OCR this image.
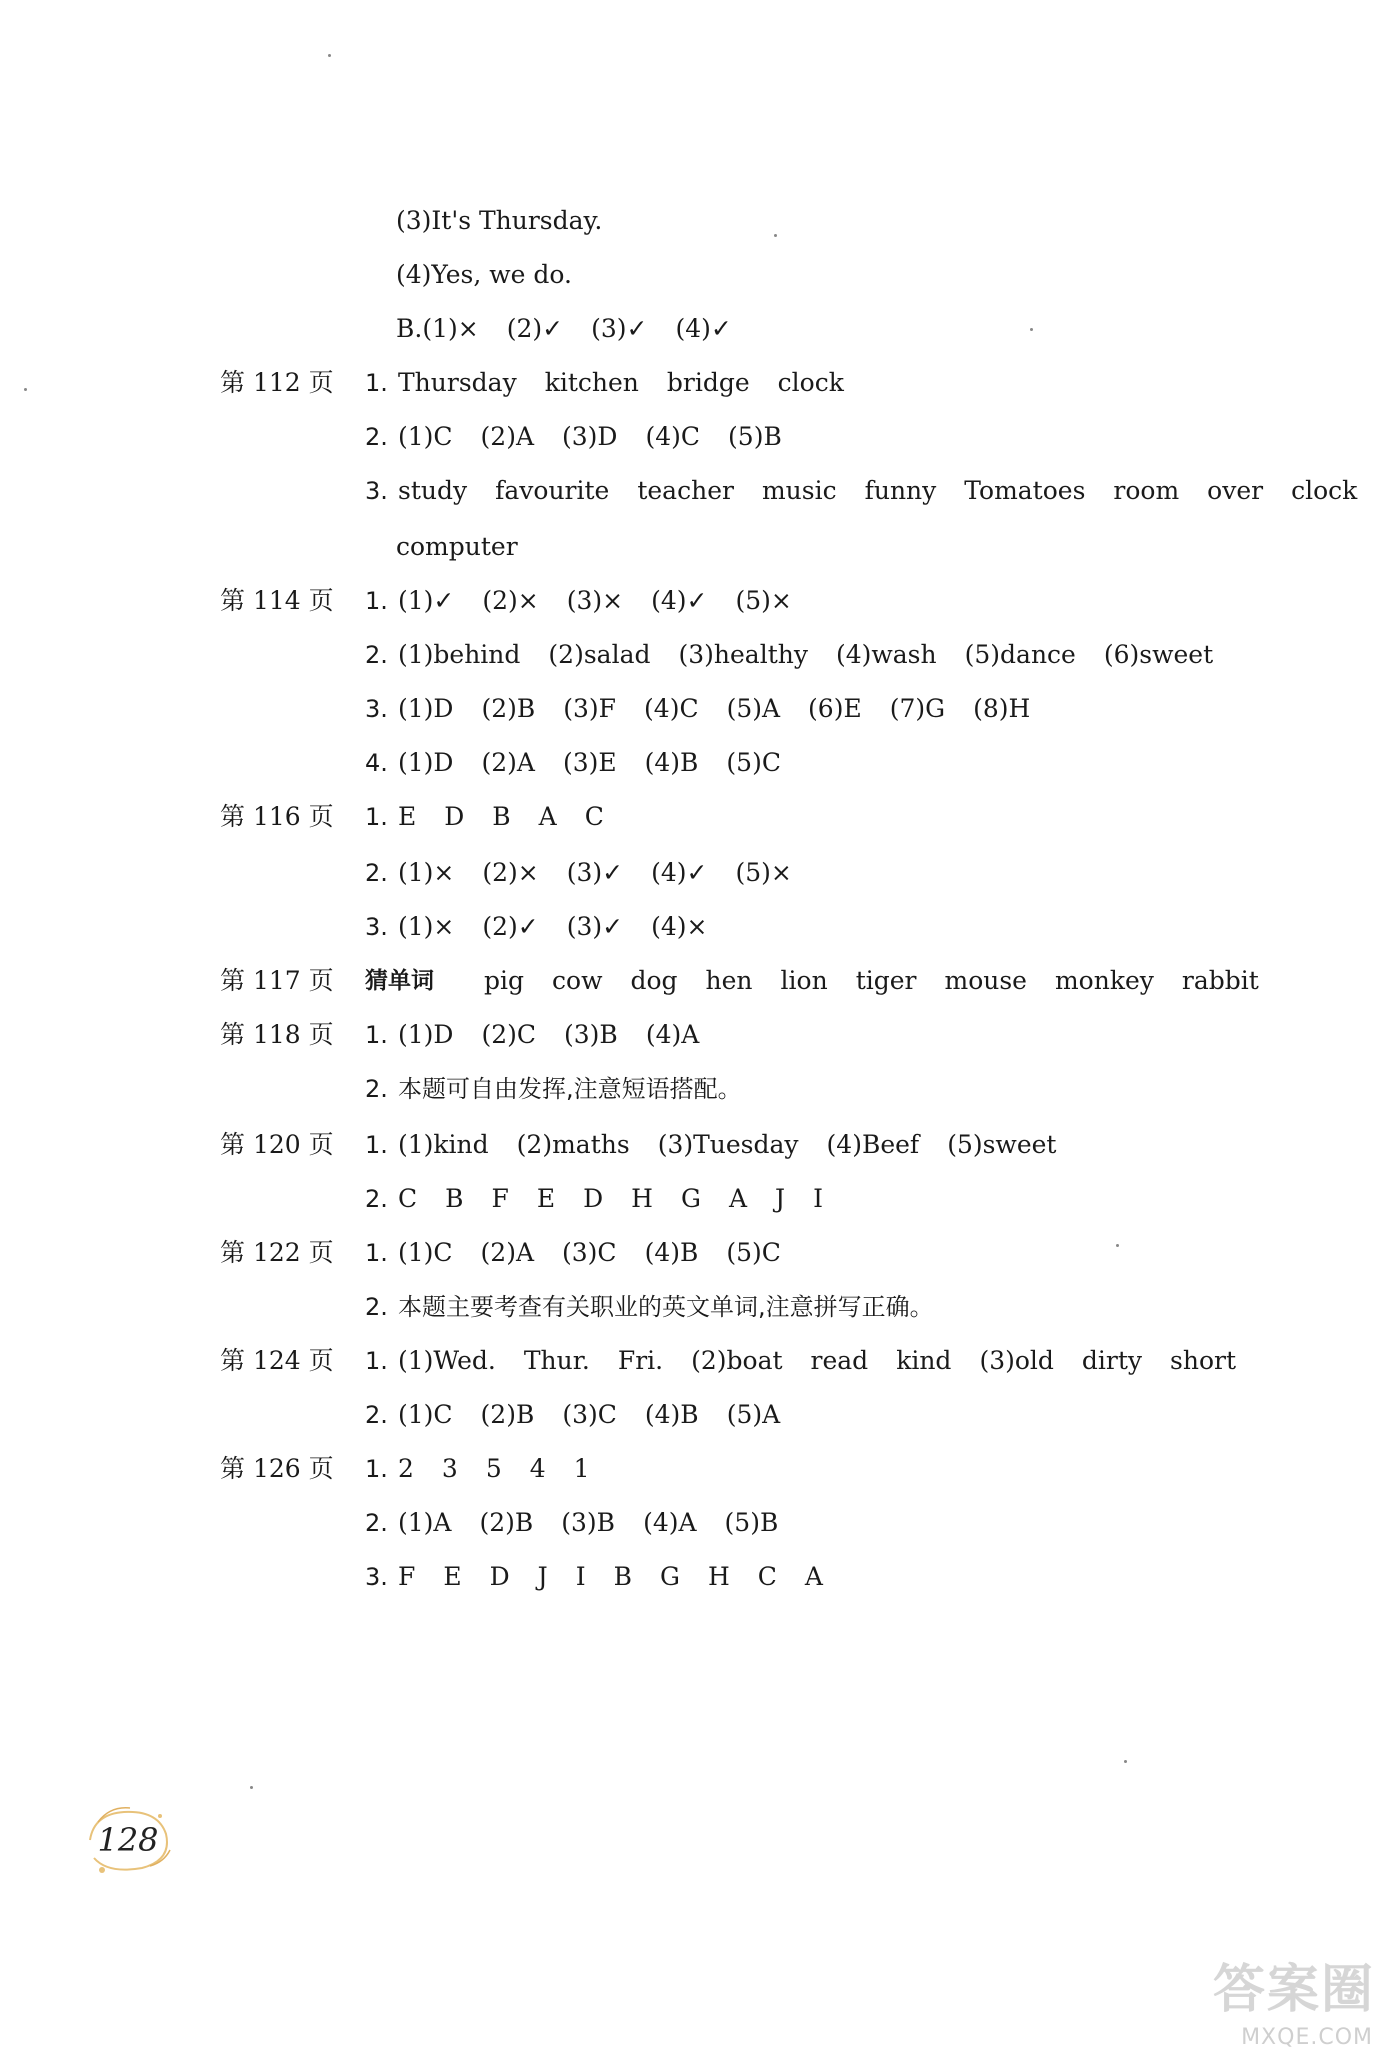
(3)It's Thursday.
(4)Yes, we do.
B.(1)× (2)✓ (3)✓ (4)✓
第 112 页 1. Thursday kitchen bridge clock
2. (1)C (2)A (3)D (4)C (5)B
3. study favourite teacher music funny Tomatoes room over clock
computer
第 114 页 1. (1)✓ (2)× (3)× (4)✓ (5)×
2. (1)behind (2)salad (3)healthy (4)wash (5)dance (6)sweet
3. (1)D (2)B (3)F (4)C (5)A (6)E (7)G (8)H
4. (1)D (2)A (3)E (4)B (5)C
第 116 页 1. E D B A C
2. (1)× (2)× (3)✓ (4)✓ (5)×
3. (1)× (2)✓ (3)✓ (4)×
第 117 页 猜单词 pig cow dog hen lion tiger mouse monkey rabbit
第 118 页 1. (1)D (2)C (3)B (4)A
2. 本题可自由发挥,注意短语搭配。
第 120 页 1. (1)kind (2)maths (3)Tuesday (4)Beef (5)sweet
2. C B F E D H G A J I
第 122 页 1. (1)C (2)A (3)C (4)B (5)C
2. 本题主要考查有关职业的英文单词,注意拼写正确。
第 124 页 1. (1)Wed. Thur. Fri. (2)boat read kind (3)old dirty short
2. (1)C (2)B (3)C (4)B (5)A
第 126 页 1. 2 3 5 4 1
2. (1)A (2)B (3)B (4)A (5)B
3. F E D J I B G H C A
128
答案圈
MXQE.COM
